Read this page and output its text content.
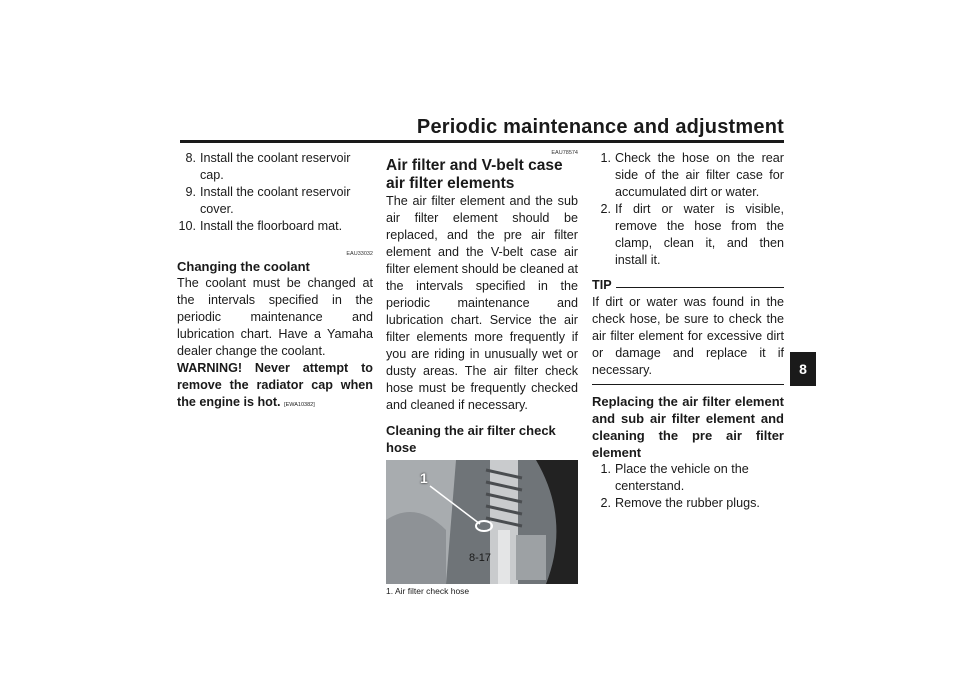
Periodic maintenance and adjustment
8. Install the coolant reservoir cap.
9. Install the coolant reservoir cover.
10. Install the floorboard mat.
EAU33032

Changing the coolant

The coolant must be changed at the intervals specified in the periodic maintenance and lubrication chart. Have a Yamaha dealer change the coolant.

WARNING! Never attempt to remove the radiator cap when the engine is hot. [EWA10382]

EAU78574

Air filter and V-belt case air filter elements

The air filter element and the sub air filter element should be replaced, and the pre air filter element and the V-belt case air filter element should be cleaned at the intervals specified in the periodic maintenance and lubrication chart. Service the air filter elements more frequently if you are riding in unusually wet or dusty areas. The air filter check hose must be frequently checked and cleaned if necessary.

Cleaning the air filter check hose

1
1. Air filter check hose
1. Check the hose on the rear side of the air filter case for accumulated dirt or water.
2. If dirt or water is visible, remove the hose from the clamp, clean it, and then install it.
TIP

If dirt or water was found in the check hose, be sure to check the air filter element for excessive dirt or damage and replace it if necessary.

Replacing the air filter element and sub air filter element and cleaning the pre air filter element

1. Place the vehicle on the centerstand.
2. Remove the rubber plugs.
8
8-17
